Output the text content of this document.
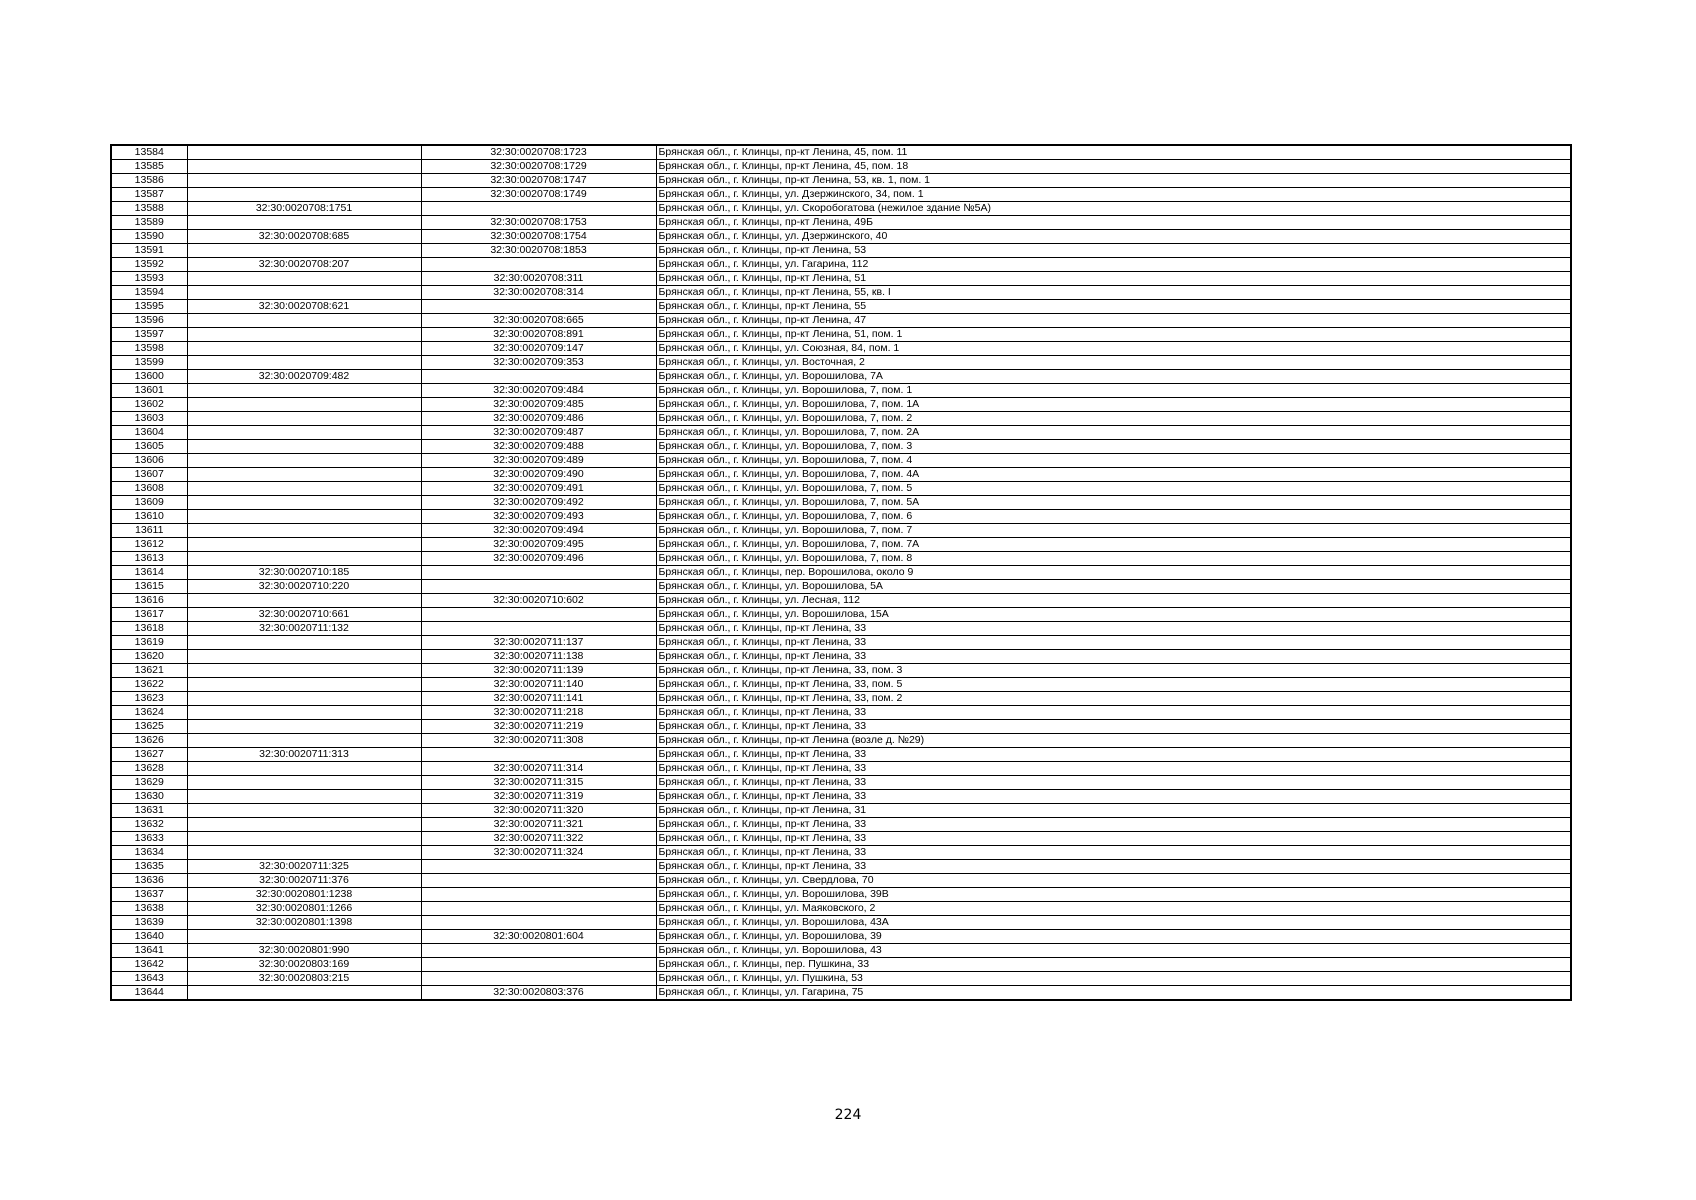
13584		32:30:0020708:1723	Брянская обл., г. Клинцы, пр-кт Ленина, 45, пом. 11
13585		32:30:0020708:1729	Брянская обл., г. Клинцы, пр-кт Ленина, 45, пом. 18
13586		32:30:0020708:1747	Брянская обл., г. Клинцы, пр-кт Ленина, 53, кв. 1, пом. 1
13587		32:30:0020708:1749	Брянская обл., г. Клинцы, ул. Дзержинского, 34, пом. 1
13588	32:30:0020708:1751		Брянская обл., г. Клинцы, ул. Скоробогатова (нежилое здание №5А)
13589		32:30:0020708:1753	Брянская обл., г. Клинцы, пр-кт Ленина, 49Б
13590	32:30:0020708:685	32:30:0020708:1754	Брянская обл., г. Клинцы, ул. Дзержинского, 40
13591		32:30:0020708:1853	Брянская обл., г. Клинцы, пр-кт Ленина, 53
13592	32:30:0020708:207		Брянская обл., г. Клинцы, ул. Гагарина, 112
13593		32:30:0020708:311	Брянская обл., г. Клинцы, пр-кт Ленина, 51
13594		32:30:0020708:314	Брянская обл., г. Клинцы, пр-кт Ленина, 55, кв. I
13595	32:30:0020708:621		Брянская обл., г. Клинцы, пр-кт Ленина, 55
13596		32:30:0020708:665	Брянская обл., г. Клинцы, пр-кт Ленина, 47
13597		32:30:0020708:891	Брянская обл., г. Клинцы, пр-кт Ленина, 51, пом. 1
13598		32:30:0020709:147	Брянская обл., г. Клинцы, ул. Союзная, 84, пом. 1
13599		32:30:0020709:353	Брянская обл., г. Клинцы, ул. Восточная, 2
13600	32:30:0020709:482		Брянская обл., г. Клинцы, ул. Ворошилова, 7А
13601		32:30:0020709:484	Брянская обл., г. Клинцы, ул. Ворошилова, 7, пом. 1
13602		32:30:0020709:485	Брянская обл., г. Клинцы, ул. Ворошилова, 7, пом. 1А
13603		32:30:0020709:486	Брянская обл., г. Клинцы, ул. Ворошилова, 7, пом. 2
13604		32:30:0020709:487	Брянская обл., г. Клинцы, ул. Ворошилова, 7, пом. 2А
13605		32:30:0020709:488	Брянская обл., г. Клинцы, ул. Ворошилова, 7, пом. 3
13606		32:30:0020709:489	Брянская обл., г. Клинцы, ул. Ворошилова, 7, пом. 4
13607		32:30:0020709:490	Брянская обл., г. Клинцы, ул. Ворошилова, 7, пом. 4А
13608		32:30:0020709:491	Брянская обл., г. Клинцы, ул. Ворошилова, 7, пом. 5
13609		32:30:0020709:492	Брянская обл., г. Клинцы, ул. Ворошилова, 7, пом. 5А
13610		32:30:0020709:493	Брянская обл., г. Клинцы, ул. Ворошилова, 7, пом. 6
13611		32:30:0020709:494	Брянская обл., г. Клинцы, ул. Ворошилова, 7, пом. 7
13612		32:30:0020709:495	Брянская обл., г. Клинцы, ул. Ворошилова, 7, пом. 7А
13613		32:30:0020709:496	Брянская обл., г. Клинцы, ул. Ворошилова, 7, пом. 8
13614	32:30:0020710:185		Брянская обл., г. Клинцы, пер. Ворошилова, около 9
13615	32:30:0020710:220		Брянская обл., г. Клинцы, ул. Ворошилова, 5А
13616		32:30:0020710:602	Брянская обл., г. Клинцы, ул. Лесная, 112
13617	32:30:0020710:661		Брянская обл., г. Клинцы, ул. Ворошилова, 15А
13618	32:30:0020711:132		Брянская обл., г. Клинцы, пр-кт Ленина, 33
13619		32:30:0020711:137	Брянская обл., г. Клинцы, пр-кт Ленина, 33
13620		32:30:0020711:138	Брянская обл., г. Клинцы, пр-кт Ленина, 33
13621		32:30:0020711:139	Брянская обл., г. Клинцы, пр-кт Ленина, 33, пом. 3
13622		32:30:0020711:140	Брянская обл., г. Клинцы, пр-кт Ленина, 33, пом. 5
13623		32:30:0020711:141	Брянская обл., г. Клинцы, пр-кт Ленина, 33, пом. 2
13624		32:30:0020711:218	Брянская обл., г. Клинцы, пр-кт Ленина, 33
13625		32:30:0020711:219	Брянская обл., г. Клинцы, пр-кт Ленина, 33
13626		32:30:0020711:308	Брянская обл., г. Клинцы, пр-кт Ленина (возле д. №29)
13627	32:30:0020711:313		Брянская обл., г. Клинцы, пр-кт Ленина, 33
13628		32:30:0020711:314	Брянская обл., г. Клинцы, пр-кт Ленина, 33
13629		32:30:0020711:315	Брянская обл., г. Клинцы, пр-кт Ленина, 33
13630		32:30:0020711:319	Брянская обл., г. Клинцы, пр-кт Ленина, 33
13631		32:30:0020711:320	Брянская обл., г. Клинцы, пр-кт Ленина, 31
13632		32:30:0020711:321	Брянская обл., г. Клинцы, пр-кт Ленина, 33
13633		32:30:0020711:322	Брянская обл., г. Клинцы, пр-кт Ленина, 33
13634		32:30:0020711:324	Брянская обл., г. Клинцы, пр-кт Ленина, 33
13635	32:30:0020711:325		Брянская обл., г. Клинцы, пр-кт Ленина, 33
13636	32:30:0020711:376		Брянская обл., г. Клинцы, ул. Свердлова, 70
13637	32:30:0020801:1238		Брянская обл., г. Клинцы, ул. Ворошилова, 39В
13638	32:30:0020801:1266		Брянская обл., г. Клинцы, ул. Маяковского, 2
13639	32:30:0020801:1398		Брянская обл., г. Клинцы, ул. Ворошилова, 43А
13640		32:30:0020801:604	Брянская обл., г. Клинцы, ул. Ворошилова, 39
13641	32:30:0020801:990		Брянская обл., г. Клинцы, ул. Ворошилова, 43
13642	32:30:0020803:169		Брянская обл., г. Клинцы, пер. Пушкина, 33
13643	32:30:0020803:215		Брянская обл., г. Клинцы, ул. Пушкина, 53
13644		32:30:0020803:376	Брянская обл., г. Клинцы, ул. Гагарина, 75
224
